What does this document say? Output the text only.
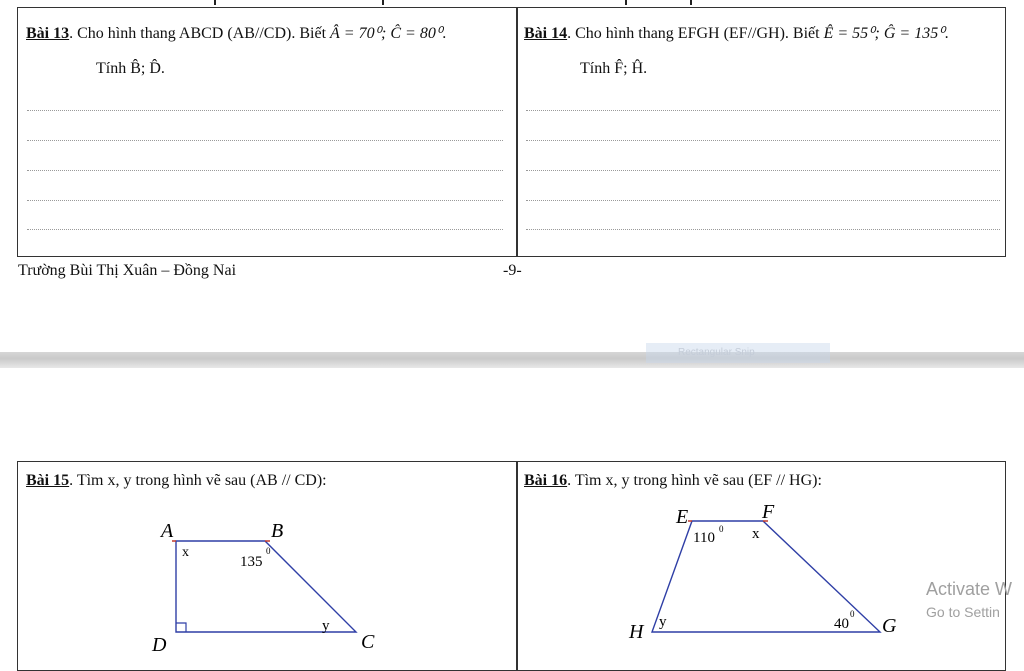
Bài 13. Cho hình thang ABCD (AB//CD). Biết Â = 70⁰; Ĉ = 80⁰.
Tính B̂; D̂.
Bài 14. Cho hình thang EFGH (EF//GH). Biết Ê = 55⁰; Ĝ = 135⁰.
Tính F̂; Ĥ.
Trường Bùi Thị Xuân – Đồng Nai	-9-
Rectangular Snip
Bài 15. Tìm x, y trong hình vẽ sau (AB // CD):	Bài 16. Tìm x, y trong hình vẽ sau (EF // HG):
A	B
C
D
x
135
0
y
E	F
G
H
110
0 x
40
0
y
Activate W
Go to Settin
